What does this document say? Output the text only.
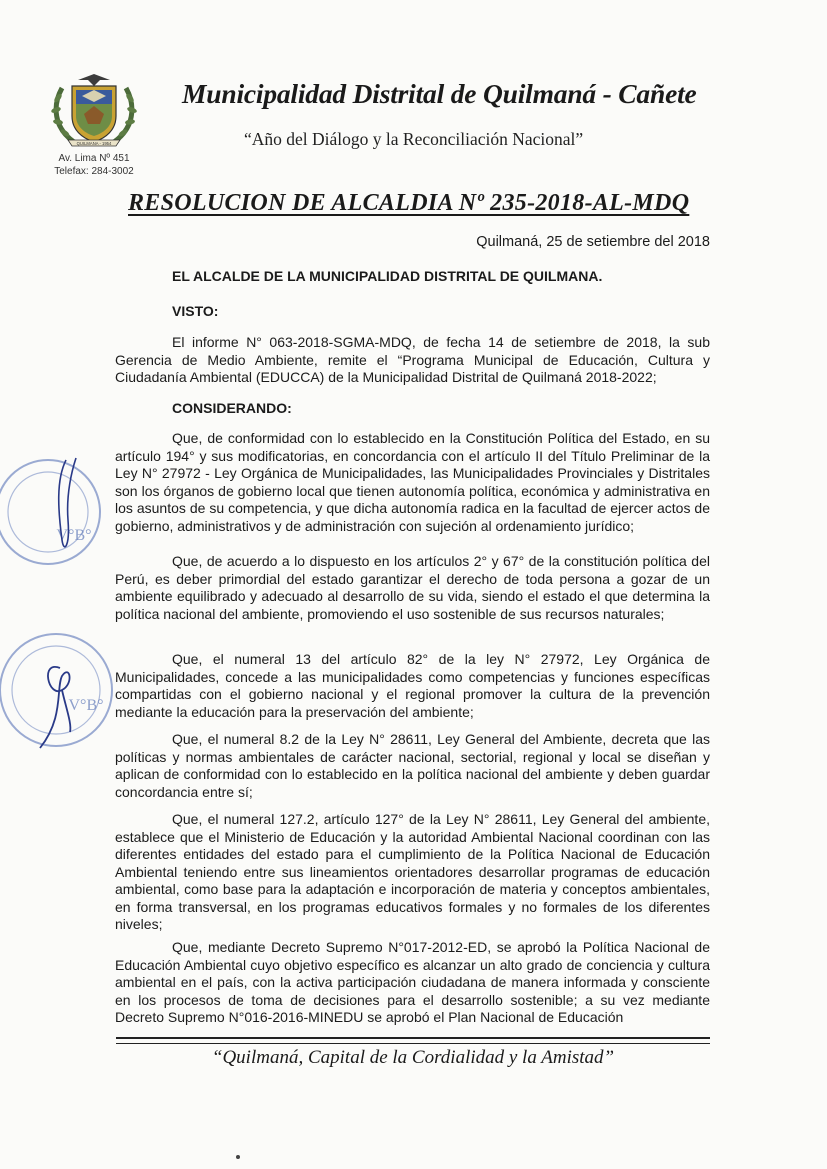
QUILMANA - 1954
Av. Lima Nº 451
Telefax: 284-3002
Municipalidad Distrital de Quilmaná - Cañete
“Año del Diálogo y la Reconciliación Nacional”
RESOLUCION DE ALCALDIA Nº 235-2018-AL-MDQ
Quilmaná, 25 de setiembre del 2018
EL ALCALDE DE LA MUNICIPALIDAD DISTRITAL DE QUILMANA.
VISTO:

El informe N° 063-2018-SGMA-MDQ, de fecha 14 de setiembre de 2018, la sub Gerencia de Medio Ambiente, remite el “Programa Municipal de Educación, Cultura y Ciudadanía Ambiental (EDUCCA) de la Municipalidad Distrital de Quilmaná 2018-2022;

CONSIDERANDO:

Que, de conformidad con lo establecido en la Constitución Política del Estado, en su artículo 194° y sus modificatorias, en concordancia con el artículo II del Título Preliminar de la Ley N° 27972 - Ley Orgánica de Municipalidades, las Municipalidades Provinciales y Distritales son los órganos de gobierno local que tienen autonomía política, económica y administrativa en los asuntos de su competencia, y que dicha autonomía radica en la facultad de ejercer actos de gobierno, administrativos y de administración con sujeción al ordenamiento jurídico;

Que, de acuerdo a lo dispuesto en los artículos 2° y 67° de la constitución política del Perú, es deber primordial del estado garantizar el derecho de toda persona a gozar de un ambiente equilibrado y adecuado al desarrollo de su vida, siendo el estado el que determina la política nacional del ambiente, promoviendo el uso sostenible de sus recursos naturales;

Que, el numeral 13 del artículo 82° de la ley N° 27972, Ley Orgánica de Municipalidades, concede a las municipalidades como competencias y funciones específicas compartidas con el gobierno nacional y el regional promover la cultura de la prevención mediante la educación para la preservación del ambiente;

Que, el numeral 8.2 de la Ley N° 28611, Ley General del Ambiente, decreta que las políticas y normas ambientales de carácter nacional, sectorial, regional y local se diseñan y aplican de conformidad con lo establecido en la política nacional del ambiente y deben guardar concordancia entre sí;

Que, el numeral 127.2, artículo 127° de la Ley N° 28611, Ley General del ambiente, establece que el Ministerio de Educación y la autoridad Ambiental Nacional coordinan con las diferentes entidades del estado para el cumplimiento de la Política Nacional de Educación Ambiental teniendo entre sus lineamientos orientadores desarrollar programas de educación ambiental, como base para la adaptación e incorporación de materia y conceptos ambientales, en forma transversal, en los programas educativos formales y no formales de los diferentes niveles;

Que, mediante Decreto Supremo N°017-2012-ED, se aprobó la Política Nacional de Educación Ambiental cuyo objetivo específico es alcanzar un alto grado de conciencia y cultura ambiental en el país, con la activa participación ciudadana de manera informada y consciente en los procesos de toma de decisiones para el desarrollo sostenible; a su vez mediante Decreto Supremo N°016-2016-MINEDU se aprobó el Plan Nacional de Educación

V°B°
V°B°
“Quilmaná, Capital de la Cordialidad y la Amistad”
